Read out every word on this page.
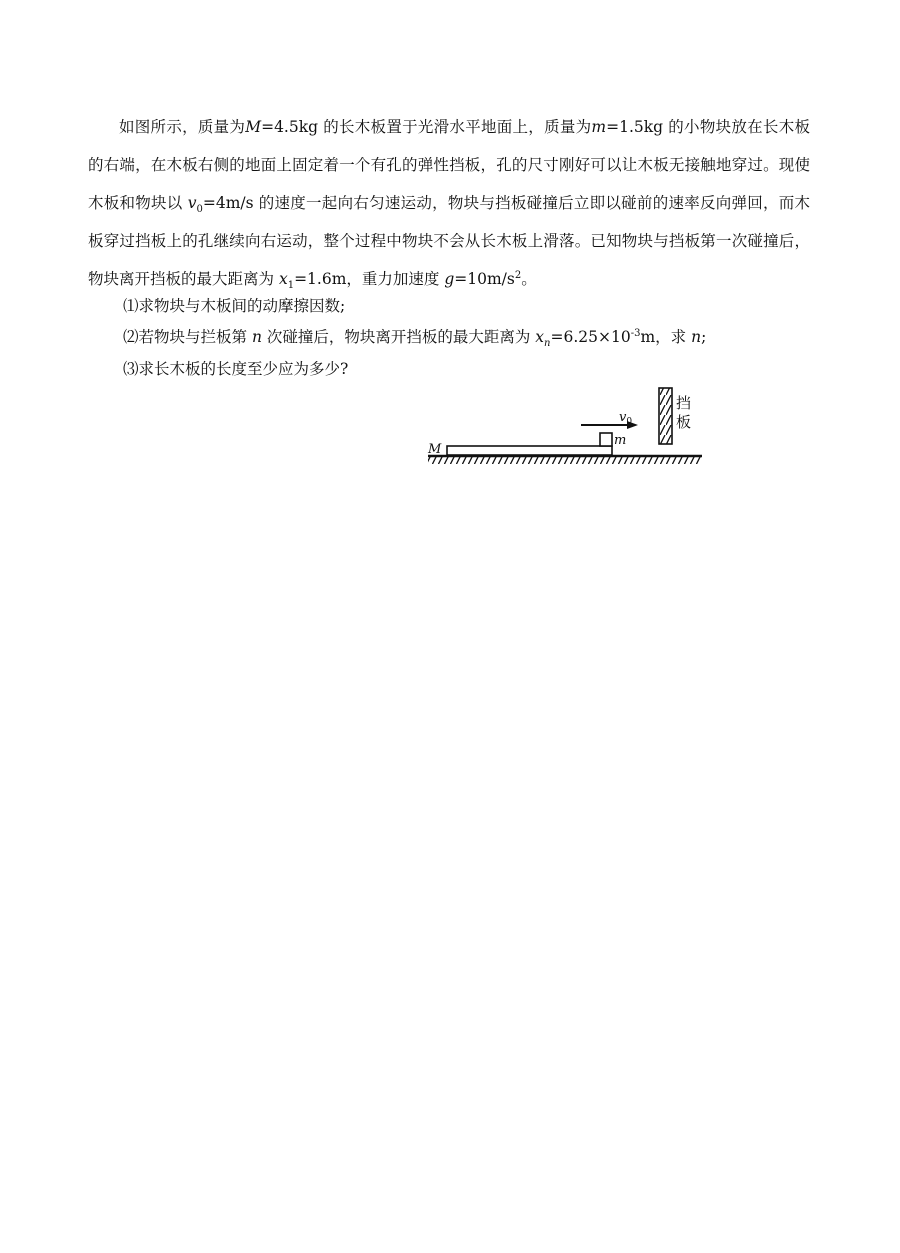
如图所示，质量为M=4.5kg 的长木板置于光滑水平地面上，质量为m=1.5kg 的小物块放在长木板的右端，在木板右侧的地面上固定着一个有孔的弹性挡板，孔的尺寸刚好可以让木板无接触地穿过。现使木板和物块以 $v_0=4m/s$ 的速度一起向右匀速运动，物块与挡板碰撞后立即以碰前的速率反向弹回，而木板穿过挡板上的孔继续向右运动，整个过程中物块不会从长木板上滑落。已知物块与挡板第一次碰撞后，物块离开挡板的最大距离为 $x_1=1.6m$，重力加速度 $g=10m/s^2$。

⑴求物块与木板间的动摩擦因数;
⑵若物块与拦板第 n 次碰撞后，物块离开挡板的最大距离为 $x_n=6.25\times 10^{-3}m$，求 n;
⑶求长木板的长度至少应为多少?
M
m
$v_0$
挡
板
